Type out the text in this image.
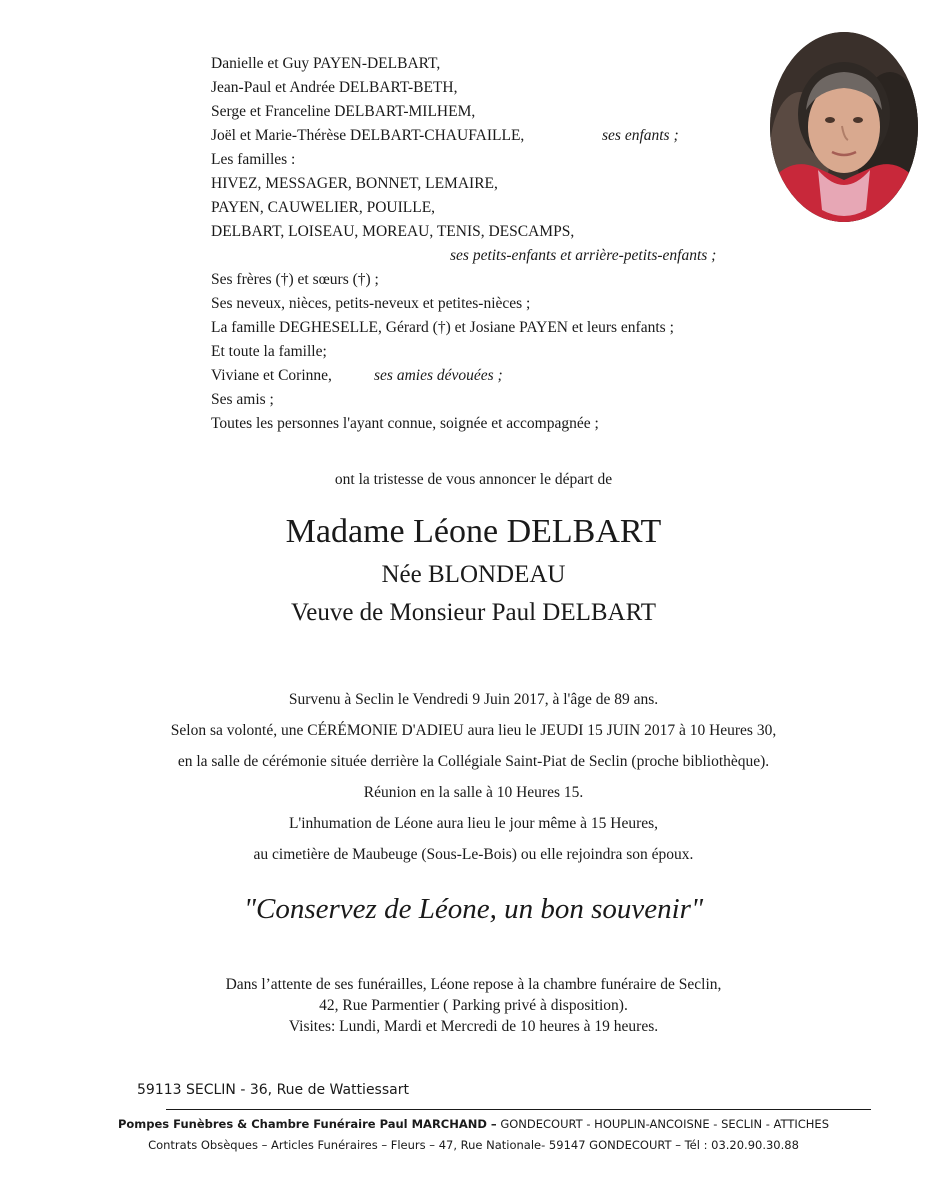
Danielle et Guy PAYEN-DELBART,
Jean-Paul et Andrée DELBART-BETH,
Serge et Franceline DELBART-MILHEM,
Joël et Marie-Thérèse DELBART-CHAUFAILLE,	ses enfants ;
Les familles :
HIVEZ, MESSAGER, BONNET, LEMAIRE,
PAYEN, CAUWELIER, POUILLE,
DELBART, LOISEAU, MOREAU, TENIS, DESCAMPS,
ses petits-enfants et arrière-petits-enfants ;
Ses frères (†) et sœurs (†) ;
Ses neveux, nièces, petits-neveux et petites-nièces ;
La famille DEGHESELLE, Gérard (†) et Josiane PAYEN et leurs enfants ;
Et toute la famille;
Viviane et Corinne,	ses amies dévouées ;
Ses amis ;
Toutes les personnes l'ayant connue, soignée et accompagnée ;
ont la tristesse de vous annoncer le départ de
Madame Léone DELBART
Née BLONDEAU
Veuve de Monsieur Paul DELBART
Survenu à Seclin le Vendredi 9 Juin 2017, à l'âge de 89 ans.
Selon sa volonté, une CÉRÉMONIE D'ADIEU aura lieu le JEUDI 15 JUIN 2017 à 10 Heures 30,
en la salle de cérémonie située derrière la Collégiale Saint-Piat de Seclin (proche bibliothèque).
Réunion en la salle à 10 Heures 15.
L'inhumation de Léone aura lieu le jour même à 15 Heures,
au cimetière de Maubeuge (Sous-Le-Bois) ou elle rejoindra son époux.
"Conservez de Léone, un bon souvenir"
Dans l’attente de ses funérailles, Léone repose à la chambre funéraire de Seclin,
42, Rue Parmentier ( Parking privé à disposition).
Visites: Lundi, Mardi et Mercredi de 10 heures à 19 heures.
59113 SECLIN - 36, Rue de Wattiessart
Pompes Funèbres & Chambre Funéraire Paul MARCHAND – GONDECOURT - HOUPLIN-ANCOISNE - SECLIN - ATTICHES
Contrats Obsèques – Articles Funéraires – Fleurs – 47, Rue Nationale- 59147 GONDECOURT – Tél : 03.20.90.30.88
